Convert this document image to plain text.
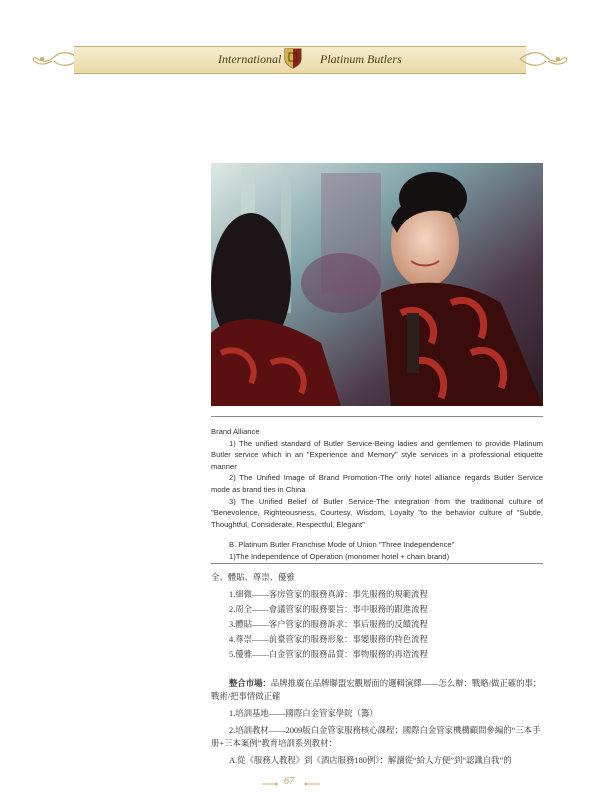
International	Platinum Butlers

Brand Alliance

1) The unified standard of Butler Service-Being ladies and gentlemen to provide Platinum Butler service which in an "Experience and Memory" style services in a professional etiquette manner

2) The Unified Image of Brand Promotion-The only hotel alliance regards Butler Service mode as brand ties in China

3) The Unified Belief of Butler Service-The integration from the traditional culture of "Benevolence, Righteousness, Courtesy, Wisdom, Loyalty "to the behavior culture of "Subtle, Thoughtful, Considerate, Respectful, Elegant"

B. Platinum Butler Franchise Mode of Union "Three Independence"

1)The Independence of Operation (monomer hotel + chain brand)

全、體貼、尊崇、優雅

1.細微——客房管家的服務真諦：事先服務的規範流程

2.周全——會議管家的服務要旨：事中服務的跟進流程

3.體貼——客户管家的服務訴求：事后服務的反饋流程

4.尊崇——前臺管家的服務形象：事變服務的特色流程

5.優雅——白金管家的服務品質：事物服務的再造流程

整合市場：品牌推廣在品牌聯盟宏觀層面的邏輯演繹——怎么辦：戰略/做正確的事；戰術/把事情做正確

1.培訓基地——國際白金管家學院（籌）

2.培訓教材——2009版白金管家服務核心課程；國際白金管家機構顧問參編的“三本手册+三本案例”教育培訓系列教材：

A.從《服務人教程》到《酒店服務180例》：解讀從“給人方便”到“認識自我”的

67
